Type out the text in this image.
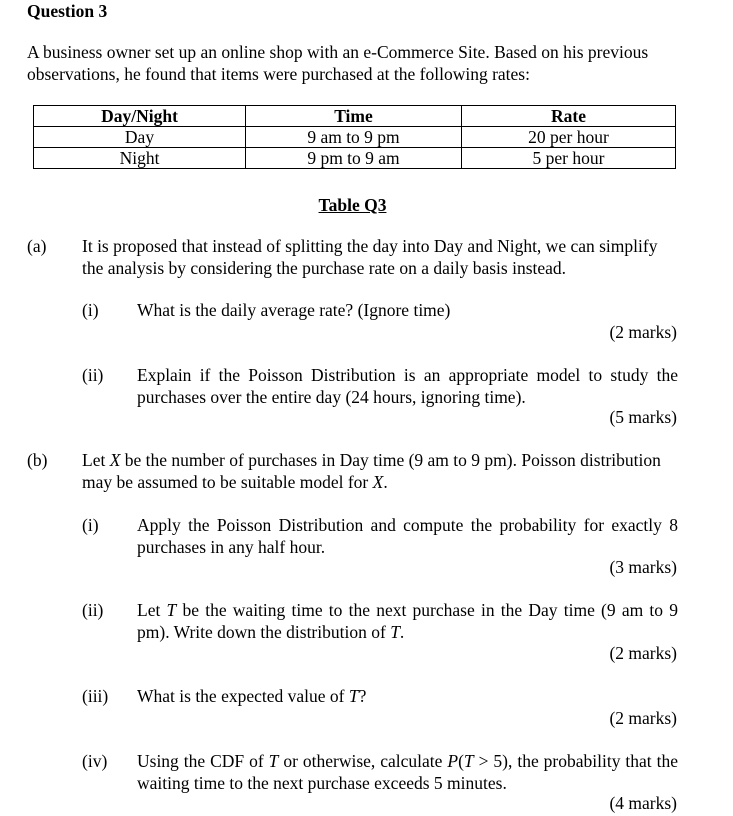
Question 3
A business owner set up an online shop with an e-Commerce Site. Based on his previous observations, he found that items were purchased at the following rates:
Day/Night	Time	Rate
Day	9 am to 9 pm	20 per hour
Night	9 pm to 9 am	5 per hour
Table Q3
(a) It is proposed that instead of splitting the day into Day and Night, we can simplify the analysis by considering the purchase rate on a daily basis instead.
(i) What is the daily average rate? (Ignore time)
(2 marks)
(ii) Explain if the Poisson Distribution is an appropriate model to study the purchases over the entire day (24 hours, ignoring time).
(5 marks)
(b) Let X be the number of purchases in Day time (9 am to 9 pm). Poisson distribution may be assumed to be suitable model for X.
(i) Apply the Poisson Distribution and compute the probability for exactly 8 purchases in any half hour.
(3 marks)
(ii) Let T be the waiting time to the next purchase in the Day time (9 am to 9 pm). Write down the distribution of T.
(2 marks)
(iii) What is the expected value of T?
(2 marks)
(iv) Using the CDF of T or otherwise, calculate P(T > 5), the probability that the waiting time to the next purchase exceeds 5 minutes.
(4 marks)
